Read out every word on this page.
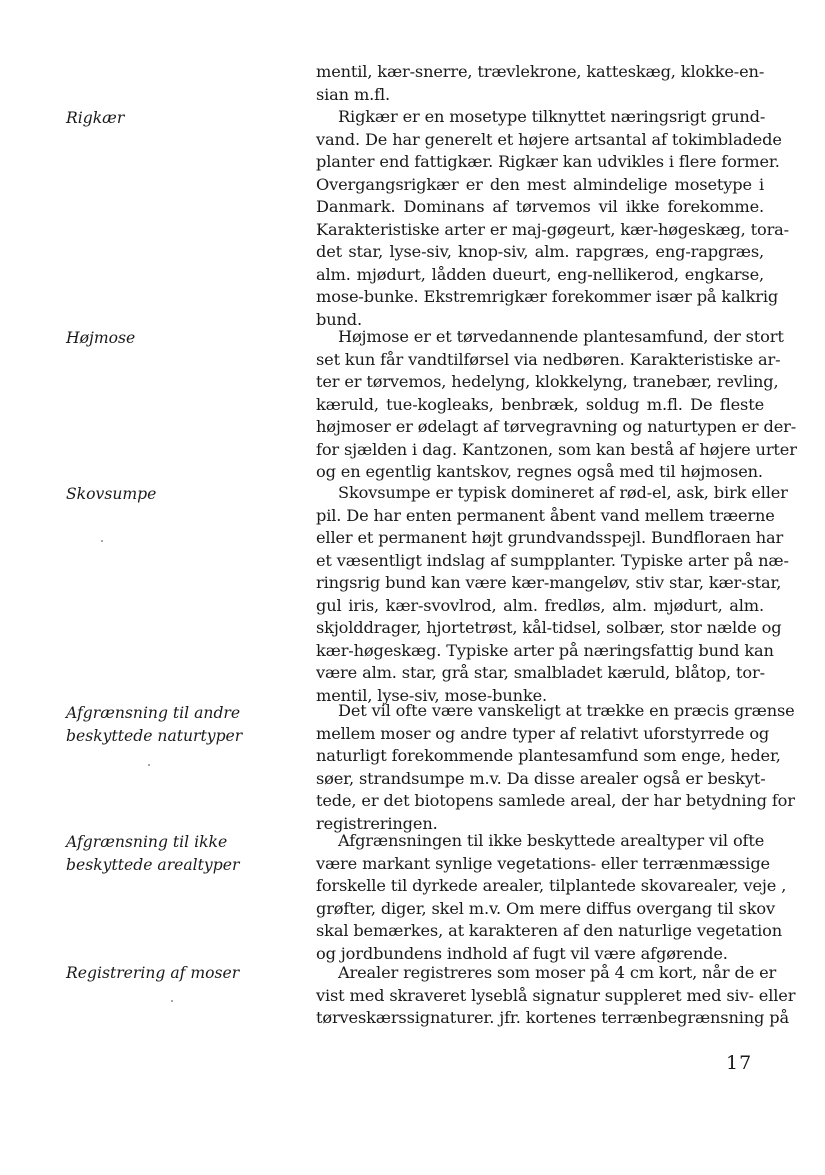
Rigkær
Højmose
Skovsumpe
Afgrænsning til andre
beskyttede naturtyper
Afgrænsning til ikke
beskyttede arealtyper
Registrering af moser
mentil, kær-snerre, trævlekrone, katteskæg, klokke-en-
sian m.fl.
Rigkær er en mosetype tilknyttet næringsrigt grund-
vand. De har generelt et højere artsantal af tokimbladede
planter end fattigkær. Rigkær kan udvikles i flere former.
Overgangsrigkær er den mest almindelige mosetype i
Danmark. Dominans af tørvemos vil ikke forekomme.
Karakteristiske arter er maj-gøgeurt, kær-høgeskæg, tora-
det star, lyse-siv, knop-siv, alm. rapgræs, eng-rapgræs,
alm. mjødurt, lådden dueurt, eng-nellikerod, engkarse,
mose-bunke. Ekstremrigkær forekommer især på kalkrig
bund.
Højmose er et tørvedannende plantesamfund, der stort
set kun får vandtilførsel via nedbøren. Karakteristiske ar-
ter er tørvemos, hedelyng, klokkelyng, tranebær, revling,
kæruld, tue-kogleaks, benbræk, soldug m.fl. De fleste
højmoser er ødelagt af tørvegravning og naturtypen er der-
for sjælden i dag. Kantzonen, som kan bestå af højere urter
og en egentlig kantskov, regnes også med til højmosen.
Skovsumpe er typisk domineret af rød-el, ask, birk eller
pil. De har enten permanent åbent vand mellem træerne
eller et permanent højt grundvandsspejl. Bundfloraen har
et væsentligt indslag af sumpplanter. Typiske arter på næ-
ringsrig bund kan være kær-mangeløv, stiv star, kær-star,
gul iris, kær-svovlrod, alm. fredløs, alm. mjødurt, alm.
skjolddrager, hjortetrøst, kål-tidsel, solbær, stor nælde og
kær-høgeskæg. Typiske arter på næringsfattig bund kan
være alm. star, grå star, smalbladet kæruld, blåtop, tor-
mentil, lyse-siv, mose-bunke.
Det vil ofte være vanskeligt at trække en præcis grænse
mellem moser og andre typer af relativt uforstyrrede og
naturligt forekommende plantesamfund som enge, heder,
søer, strandsumpe m.v. Da disse arealer også er beskyt-
tede, er det biotopens samlede areal, der har betydning for
registreringen.
Afgrænsningen til ikke beskyttede arealtyper vil ofte
være markant synlige vegetations- eller terrænmæssige
forskelle til dyrkede arealer, tilplantede skovarealer, veje ,
grøfter, diger, skel m.v. Om mere diffus overgang til skov
skal bemærkes, at karakteren af den naturlige vegetation
og jordbundens indhold af fugt vil være afgørende.
Arealer registreres som moser på 4 cm kort, når de er
vist med skraveret lyseblå signatur suppleret med siv- eller
tørveskærssignaturer. jfr. kortenes terrænbegrænsning på
17
